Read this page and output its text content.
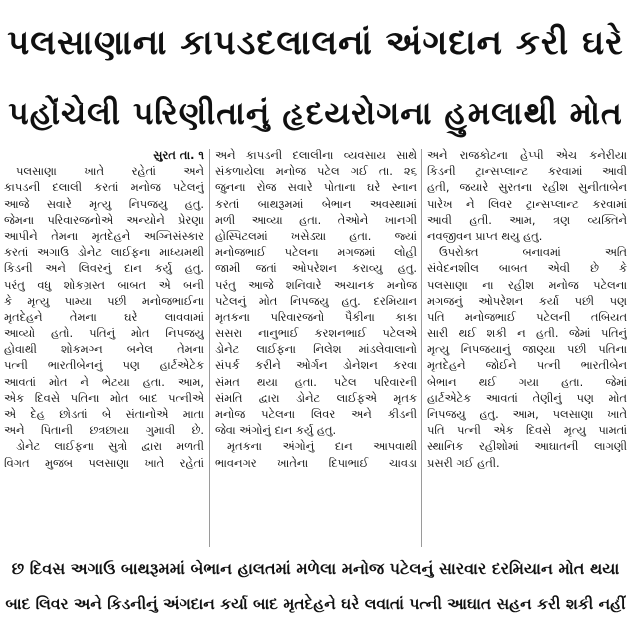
પલસાણાના કાપડદલાલનાં અંગદાન કરી ઘરે
પહોંચેલી પરિણીતાનું હૃદયરોગના હુમલાથી મોત
સુરત તા. ૧
પલસાણા ખાતે રહેતાં અને
કાપડની દલાલી કરતાં મનોજ પટેલનું
આજે સવારે મૃત્યુ નિપજયુ હતુ.
જેમના પરિવારજનોએ અન્યોને પ્રેરણા
આપીને તેમના મૃતદેહને અગ્નિસંસ્કાર
કરતાં અગાઉ ડોનેટ લાઈફના માધ્યમથી
કિડની અને લિવરનું દાન કર્યુ હતુ.
પરંતુ વધુ શોકગ્રસ્ત બાબત એ બની
કે મૃત્યુ પામ્યા પછી મનોજભાઈના
મૃતદેહને તેમના ઘરે લાવવામાં
આવ્યો હતો. પતિનું મોત નિપજયુ
હોવાથી શોકમગ્ન બનેલ તેમના
પત્ની ભારતીબેનનું પણ હાર્ટએટેક
આવતાં મોત ને ભેટયા હતા. આમ,
એક દિવસે પતિના મોત બાદ પત્નીએ
એ દેહ છોડતાં બે સંતાનોએ માતા
અને પિતાની છત્રછાયા ગુમાવી છે.
ડોનેટ લાઈફના સુત્રો દ્વારા મળતી
વિગત મુજબ પલસાણા ખાતે રહેતાં
અને કાપડની દલાલીના વ્યવસાય સાથે
સંકળાયેલા મનોજ પટેલ ગઈ તા. ૨૬
જુનના રોજ સવારે પોતાના ઘરે સ્નાન
કરતાં બાથરૂમમાં બેભાન અવસ્થામાં
મળી આવ્યા હતા. તેઓને ખાનગી
હોસ્પિટલમાં ખસેડ્યા હતા. જ્યાં
મનોજભાઈ પટેલના મગજમાં લોહી
જામી જતાં ઓપરેશન કરાવ્યુ હતુ.
પરંતુ આજે શનિવારે અચાનક મનોજ
પટેલનું મોત નિપજયુ હતુ. દરમિયાન
મૃતકના પરિવારજનો પૈકીના કાકા
સસરા નાનુભાઈ કરશનભાઈ પટેલએ
ડોનેટ લાઈફના નિલેશ માંડલેવાલાનો
સંપર્ક કરીને ઓર્ગન ડોનેશન કરવા
સંમત થયા હતા. પટેલ પરિવારની
સંમતિ દ્વારા ડોનેટ લાઈફએ મૃતક
મનોજ પટેલના લિવર અને કીડની
જેવા અંગોનું દાન કર્યુ હતુ.
મૃતકના અંગોનું દાન આપવાથી
ભાવનગર ખાતેના દિપાભાઈ ચાવડા
અને રાજકોટના હેપ્પી એચ કનેરીયા
કિડની ટ્રાન્સપ્લાન્ટ કરવામાં આવી
હતી, જયારે સુરતના રહીશ સુનીતાબેન
પારેખ ને લિવર ટ્રાન્સપ્લાન્ટ કરવામાં
આવી હતી. આમ, ત્રણ વ્યક્તિને
નવજીવન પ્રાપ્ત થયુ હતુ.
ઉપરોક્ત બનાવમાં અતિ
સંવેદનશીલ બાબત એવી છે કે
પલસાણા ના રહીશ મનોજ પટેલના
મગજનું ઓપરેશન કર્યા પછી પણ
પતિ મનોજભાઈ પટેલની તબિયત
સારી થઈ શકી ન હતી. જેમાં પતિનું
મૃત્યુ નિપજયાનું જાણ્યા પછી પતિના
મૃતદેહને જોઈને પત્ની ભારતીબેન
બેભાન થઈ ગયા હતા. જેમાં
હાર્ટએટેક આવતાં તેણીનું પણ મોત
નિપજયુ હતુ. આમ, પલસાણા ખાતે
પતિ પત્ની એક દિવસે મૃત્યુ પામતાં
સ્થાનિક રહીશોમાં આઘાતની લાગણી
પ્રસરી ગઈ હતી.
છ દિવસ અગાઉ બાથરૂમમાં બેભાન હાલતમાં મળેલા મનોજ પટેલનું સારવાર દરમિયાન મોત થયા
બાદ લિવર અને કિડનીનું અંગદાન કર્યા બાદ મૃતદેહને ઘરે લવાતાં પત્ની આઘાત સહન કરી શકી નહીં
